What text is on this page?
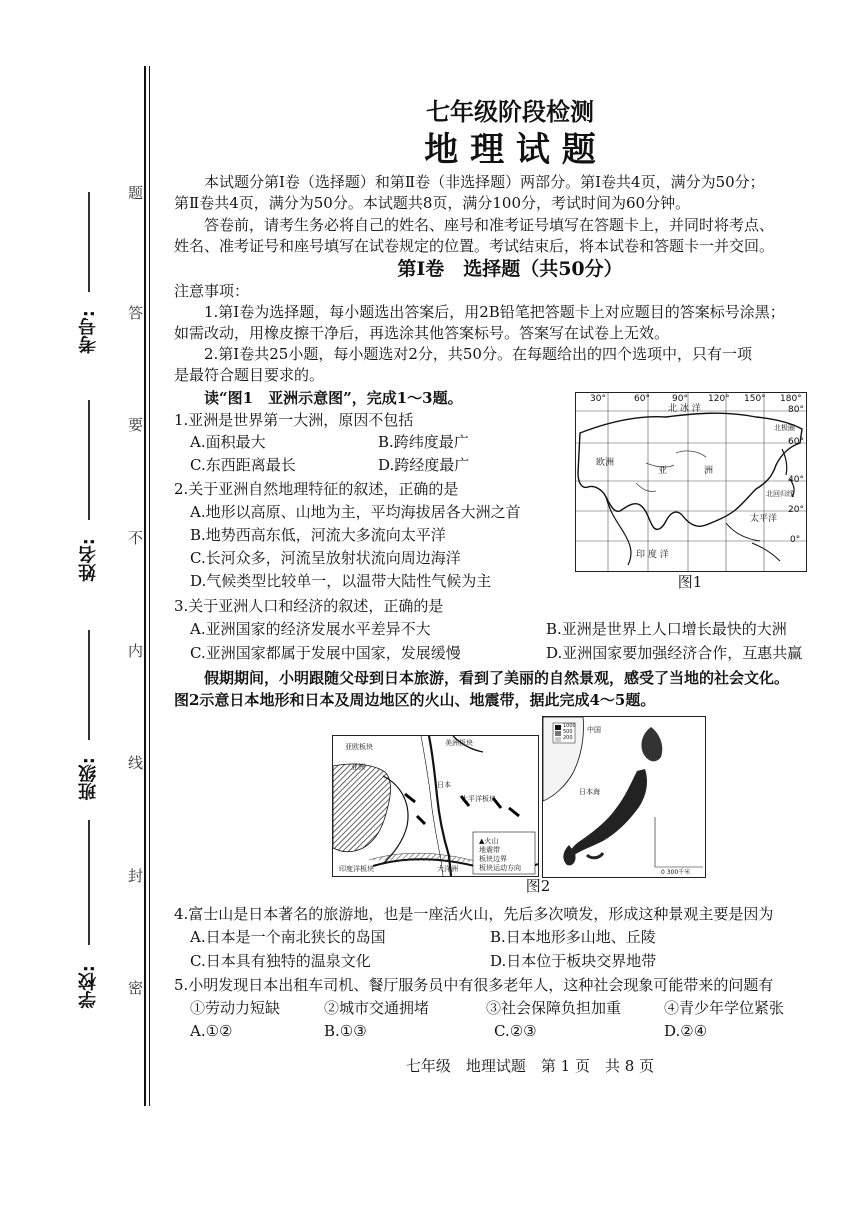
题
答
要
不
内
线
封
密
考号:
姓名:
班级:
学校:
七年级阶段检测
地 理 试 题
本试题分第Ⅰ卷（选择题）和第Ⅱ卷（非选择题）两部分。第Ⅰ卷共4页，满分为50分；
第Ⅱ卷共4页，满分为50分。本试题共8页，满分100分，考试时间为60分钟。
答卷前，请考生务必将自己的姓名、座号和准考证号填写在答题卡上，并同时将考点、
姓名、准考证号和座号填写在试卷规定的位置。考试结束后，将本试卷和答题卡一并交回。
第Ⅰ卷　选择题（共50分）
注意事项：
1.第Ⅰ卷为选择题，每小题选出答案后，用2B铅笔把答题卡上对应题目的答案标号涂黑；
如需改动，用橡皮擦干净后，再选涂其他答案标号。答案写在试卷上无效。
2.第Ⅰ卷共25小题，每小题选对2分，共50分。在每题给出的四个选项中，只有一项
是最符合题目要求的。
读“图1　亚洲示意图”，完成1～3题。
1.亚洲是世界第一大洲，原因不包括
A.面积最大	B.跨纬度最广
C.东西距离最长	D.跨经度最广
2.关于亚洲自然地理特征的叙述，正确的是
A.地形以高原、山地为主，平均海拔居各大洲之首
B.地势西高东低，河流大多流向太平洋
C.长河众多，河流呈放射状流向周边海洋
D.气候类型比较单一，以温带大陆性气候为主
3.关于亚洲人口和经济的叙述，正确的是
A.亚洲国家的经济发展水平差异不大	B.亚洲是世界上人口增长最快的大洲
C.亚洲国家都属于发展中国家，发展缓慢	D.亚洲国家要加强经济合作，互惠共赢
30°	60° 90° 120° 150° 180°
80°
60°
40°
20°
0°
北 冰 洋
欧洲
亚	洲
太平洋
印 度 洋
北极圈
北回归线
图1
假期期间，小明跟随父母到日本旅游，看到了美丽的自然景观，感受了当地的社会文化。
图2示意日本地形和日本及周边地区的火山、地震带，据此完成4～5题。
亚欧板块
亚洲
美洲板块
日本
太平洋板块
印度洋板块	大洋洲
▲火山
地震带
板块边界
板块运动方向
1000
500
200
中国
日本海
0 300千米
图2
4.富士山是日本著名的旅游地，也是一座活火山，先后多次喷发，形成这种景观主要是因为
A.日本是一个南北狭长的岛国	B.日本地形多山地、丘陵
C.日本具有独特的温泉文化	D.日本位于板块交界地带
5.小明发现日本出租车司机、餐厅服务员中有很多老年人，这种社会现象可能带来的问题有
①劳动力短缺	②城市交通拥堵	③社会保障负担加重	④青少年学位紧张
A.①②	B.①③	C.②③	D.②④
七年级　地理试题　第 1 页　共 8 页
